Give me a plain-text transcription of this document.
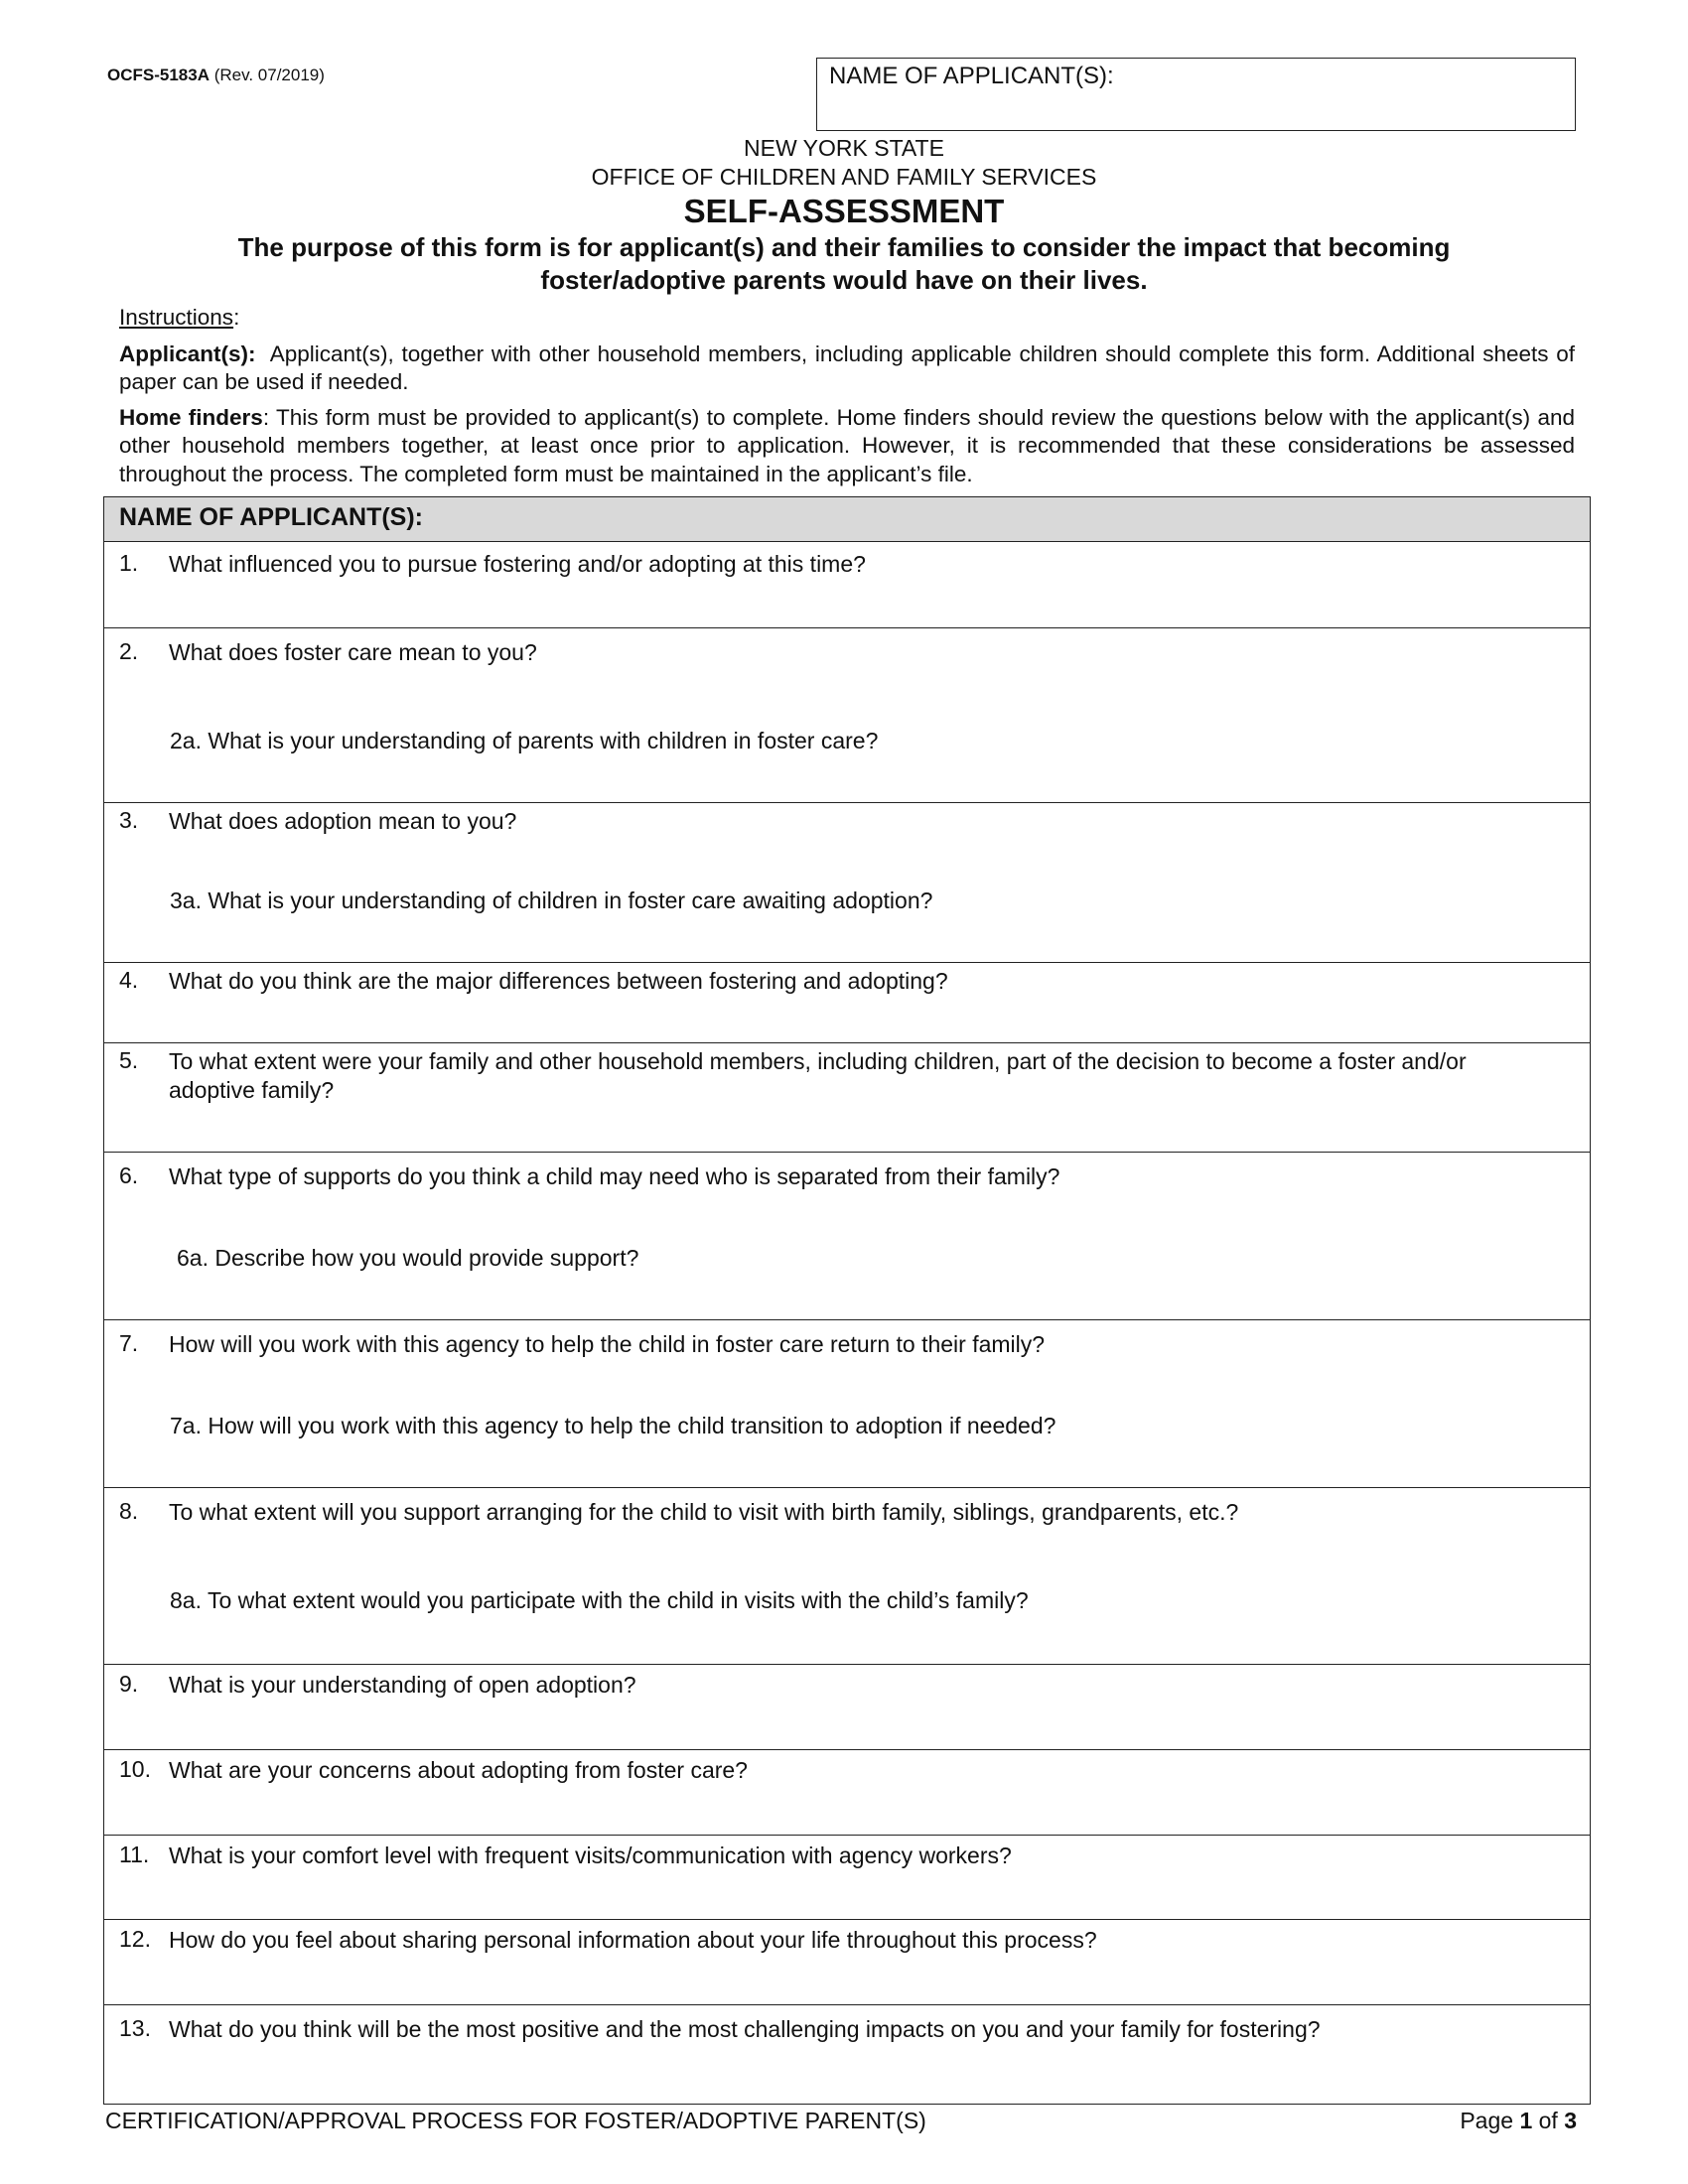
OCFS-5183A (Rev. 07/2019)	NAME OF APPLICANT(S):
NEW YORK STATE
OFFICE OF CHILDREN AND FAMILY SERVICES
SELF-ASSESSMENT
The purpose of this form is for applicant(s) and their families to consider the impact that becoming
foster/adoptive parents would have on their lives.

Instructions:

Applicant(s): Applicant(s), together with other household members, including applicable children should complete this form. Additional sheets of paper can be used if needed.

Home finders: This form must be provided to applicant(s) to complete. Home finders should review the questions below with the applicant(s) and other household members together, at least once prior to application. However, it is recommended that these considerations be assessed throughout the process. The completed form must be maintained in the applicant’s file.

NAME OF APPLICANT(S):
1.	What influenced you to pursue fostering and/or adopting at this time?
2.	What does foster care mean to you?
2a. What is your understanding of parents with children in foster care?
3.	What does adoption mean to you?
3a. What is your understanding of children in foster care awaiting adoption?
4.	What do you think are the major differences between fostering and adopting?
5.	To what extent were your family and other household members, including children, part of the decision to become a foster and/or adoptive family?
6.	What type of supports do you think a child may need who is separated from their family?
6a. Describe how you would provide support?
7.	How will you work with this agency to help the child in foster care return to their family?
7a. How will you work with this agency to help the child transition to adoption if needed?
8.	To what extent will you support arranging for the child to visit with birth family, siblings, grandparents, etc.?
8a. To what extent would you participate with the child in visits with the child’s family?
9.	What is your understanding of open adoption?
10. What are your concerns about adopting from foster care?
11. What is your comfort level with frequent visits/communication with agency workers?
12. How do you feel about sharing personal information about your life throughout this process?
13. What do you think will be the most positive and the most challenging impacts on you and your family for fostering?
CERTIFICATION/APPROVAL PROCESS FOR FOSTER/ADOPTIVE PARENT(S)	Page 1 of 3
